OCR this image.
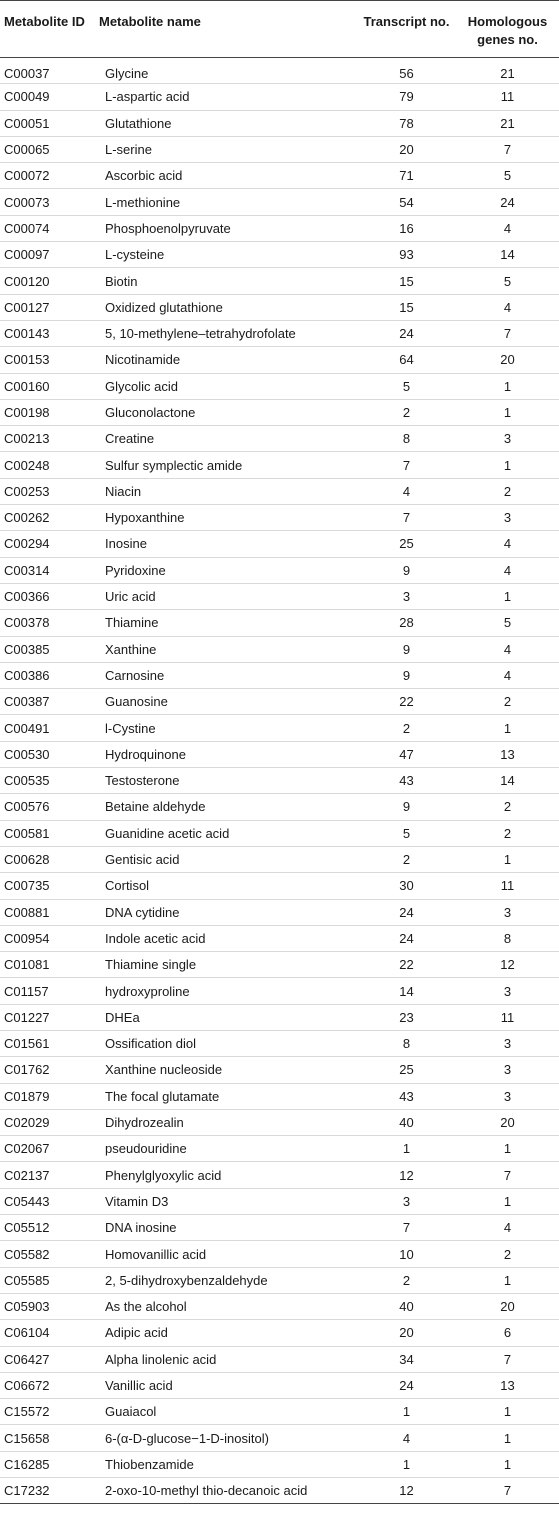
Metabolite ID	Metabolite name	Transcript no.	Homologous genes no.
C00037	Glycine	56	21
C00049	L-aspartic acid	79	11
C00051	Glutathione	78	21
C00065	L-serine	20	7
C00072	Ascorbic acid	71	5
C00073	L-methionine	54	24
C00074	Phosphoenolpyruvate	16	4
C00097	L-cysteine	93	14
C00120	Biotin	15	5
C00127	Oxidized glutathione	15	4
C00143	5, 10-methylene–tetrahydrofolate	24	7
C00153	Nicotinamide	64	20
C00160	Glycolic acid	5	1
C00198	Gluconolactone	2	1
C00213	Creatine	8	3
C00248	Sulfur symplectic amide	7	1
C00253	Niacin	4	2
C00262	Hypoxanthine	7	3
C00294	Inosine	25	4
C00314	Pyridoxine	9	4
C00366	Uric acid	3	1
C00378	Thiamine	28	5
C00385	Xanthine	9	4
C00386	Carnosine	9	4
C00387	Guanosine	22	2
C00491	l-Cystine	2	1
C00530	Hydroquinone	47	13
C00535	Testosterone	43	14
C00576	Betaine aldehyde	9	2
C00581	Guanidine acetic acid	5	2
C00628	Gentisic acid	2	1
C00735	Cortisol	30	11
C00881	DNA cytidine	24	3
C00954	Indole acetic acid	24	8
C01081	Thiamine single	22	12
C01157	hydroxyproline	14	3
C01227	DHEa	23	11
C01561	Ossification diol	8	3
C01762	Xanthine nucleoside	25	3
C01879	The focal glutamate	43	3
C02029	Dihydrozealin	40	20
C02067	pseudouridine	1	1
C02137	Phenylglyoxylic acid	12	7
C05443	Vitamin D3	3	1
C05512	DNA inosine	7	4
C05582	Homovanillic acid	10	2
C05585	2, 5-dihydroxybenzaldehyde	2	1
C05903	As the alcohol	40	20
C06104	Adipic acid	20	6
C06427	Alpha linolenic acid	34	7
C06672	Vanillic acid	24	13
C15572	Guaiacol	1	1
C15658	6-(α-D-glucose−1-D-inositol)	4	1
C16285	Thiobenzamide	1	1
C17232	2-oxo-10-methyl thio-decanoic acid	12	7
